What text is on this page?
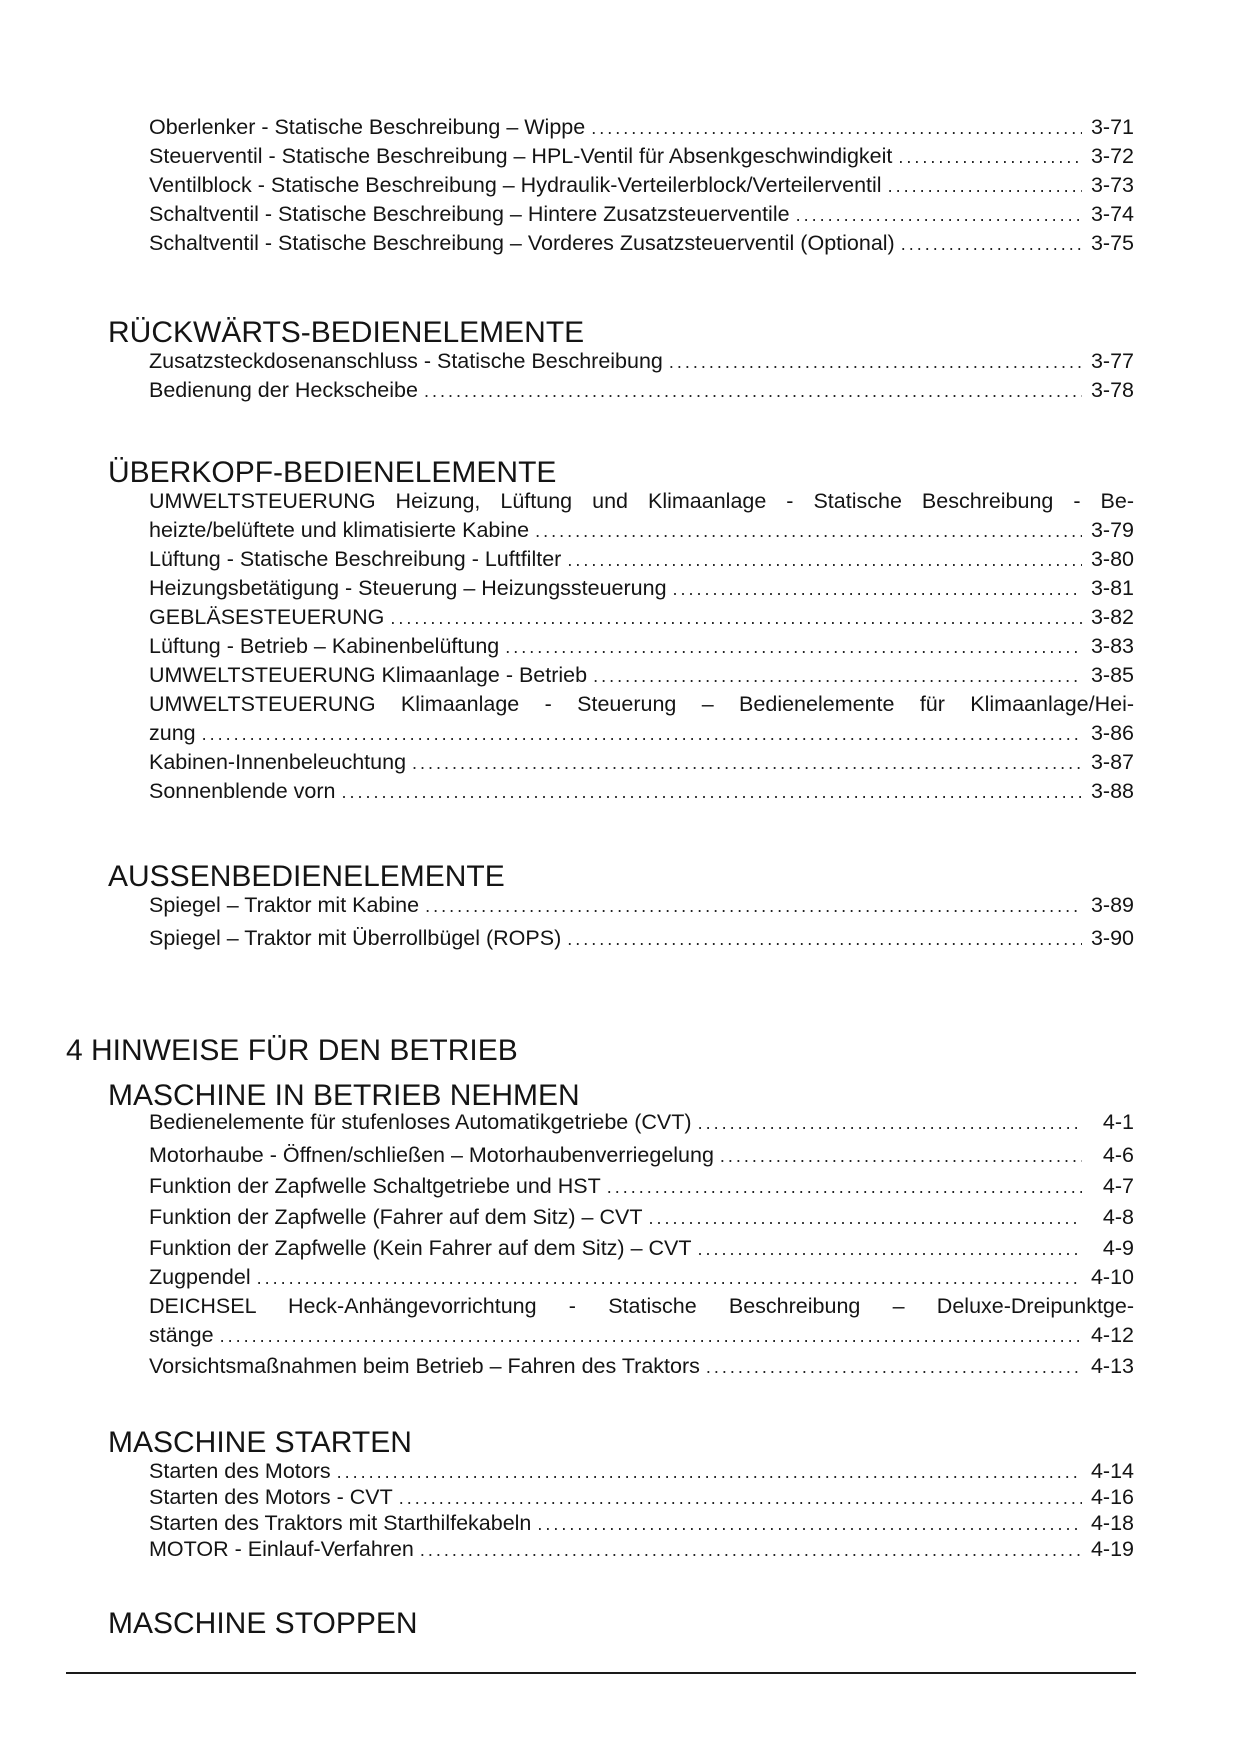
Oberlenker - Statische Beschreibung – Wippe .....	3-71
Steuerventil - Statische Beschreibung – HPL-Ventil für Absenkgeschwindigkeit .....	3-72
Ventilblock - Statische Beschreibung – Hydraulik-Verteilerblock/Verteilerventil .....	3-73
Schaltventil - Statische Beschreibung – Hintere Zusatzsteuerventile .....	3-74
Schaltventil - Statische Beschreibung – Vorderes Zusatzsteuerventil (Optional) .....	3-75
RÜCKWÄRTS-BEDIENELEMENTE
Zusatzsteckdosenanschluss - Statische Beschreibung .....	3-77
Bedienung der Heckscheibe .....	3-78
ÜBERKOPF-BEDIENELEMENTE
UMWELTSTEUERUNG Heizung, Lüftung und Klimaanlage - Statische Beschreibung - Be-
heizte/belüftete und klimatisierte Kabine .....	3-79
Lüftung - Statische Beschreibung - Luftfilter .....	3-80
Heizungsbetätigung - Steuerung – Heizungssteuerung .....	3-81
GEBLÄSESTEUERUNG .....	3-82
Lüftung - Betrieb – Kabinenbelüftung .....	3-83
UMWELTSTEUERUNG Klimaanlage - Betrieb .....	3-85
UMWELTSTEUERUNG Klimaanlage - Steuerung – Bedienelemente für Klimaanlage/Hei-
zung .....	3-86
Kabinen-Innenbeleuchtung .....	3-87
Sonnenblende vorn .....	3-88
AUSSENBEDIENELEMENTE
Spiegel – Traktor mit Kabine .....	3-89
Spiegel – Traktor mit Überrollbügel (ROPS) .....	3-90
4 HINWEISE FÜR DEN BETRIEB
MASCHINE IN BETRIEB NEHMEN
Bedienelemente für stufenloses Automatikgetriebe (CVT) .....	4-1
Motorhaube - Öffnen/schließen – Motorhaubenverriegelung .....	4-6
Funktion der Zapfwelle Schaltgetriebe und HST .....	4-7
Funktion der Zapfwelle (Fahrer auf dem Sitz) – CVT .....	4-8
Funktion der Zapfwelle (Kein Fahrer auf dem Sitz) – CVT .....	4-9
Zugpendel .....	4-10
DEICHSEL Heck-Anhängevorrichtung - Statische Beschreibung – Deluxe-Dreipunktge-
stänge .....	4-12
Vorsichtsmaßnahmen beim Betrieb – Fahren des Traktors .....	4-13
MASCHINE STARTEN
Starten des Motors .....	4-14
Starten des Motors - CVT .....	4-16
Starten des Traktors mit Starthilfekabeln .....	4-18
MOTOR - Einlauf-Verfahren .....	4-19
MASCHINE STOPPEN
